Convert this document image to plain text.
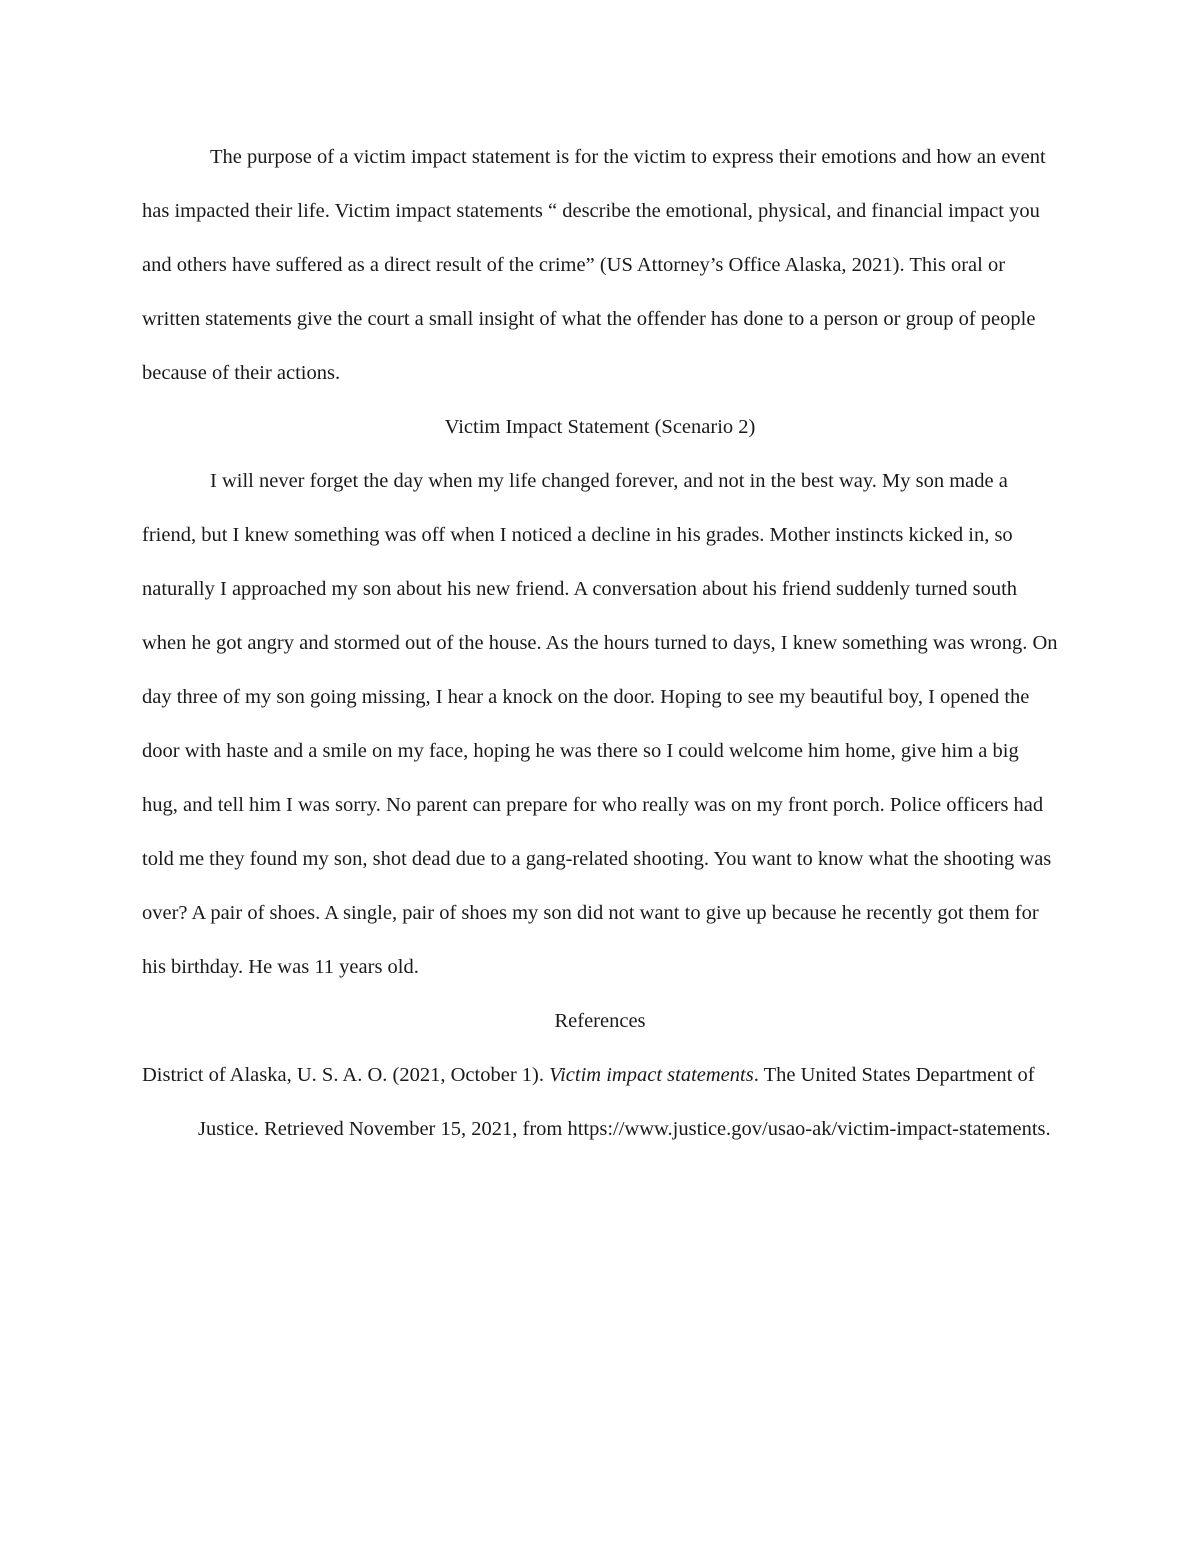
The purpose of a victim impact statement is for the victim to express their emotions and how an event has impacted their life. Victim impact statements “ describe the emotional, physical, and financial impact you and others have suffered as a direct result of the crime” (US Attorney’s Office Alaska, 2021). This oral or written statements give the court a small insight of what the offender has done to a person or group of people because of their actions.

Victim Impact Statement (Scenario 2)

I will never forget the day when my life changed forever, and not in the best way. My son made a friend, but I knew something was off when I noticed a decline in his grades. Mother instincts kicked in, so naturally I approached my son about his new friend. A conversation about his friend suddenly turned south when he got angry and stormed out of the house. As the hours turned to days, I knew something was wrong. On day three of my son going missing, I hear a knock on the door. Hoping to see my beautiful boy, I opened the door with haste and a smile on my face, hoping he was there so I could welcome him home, give him a big hug, and tell him I was sorry. No parent can prepare for who really was on my front porch. Police officers had told me they found my son, shot dead due to a gang-related shooting. You want to know what the shooting was over? A pair of shoes. A single, pair of shoes my son did not want to give up because he recently got them for his birthday. He was 11 years old.

References

District of Alaska, U. S. A. O. (2021, October 1). Victim impact statements. The United States Department of Justice. Retrieved November 15, 2021, from https://www.justice.gov/usao-ak/victim-impact-statements.
